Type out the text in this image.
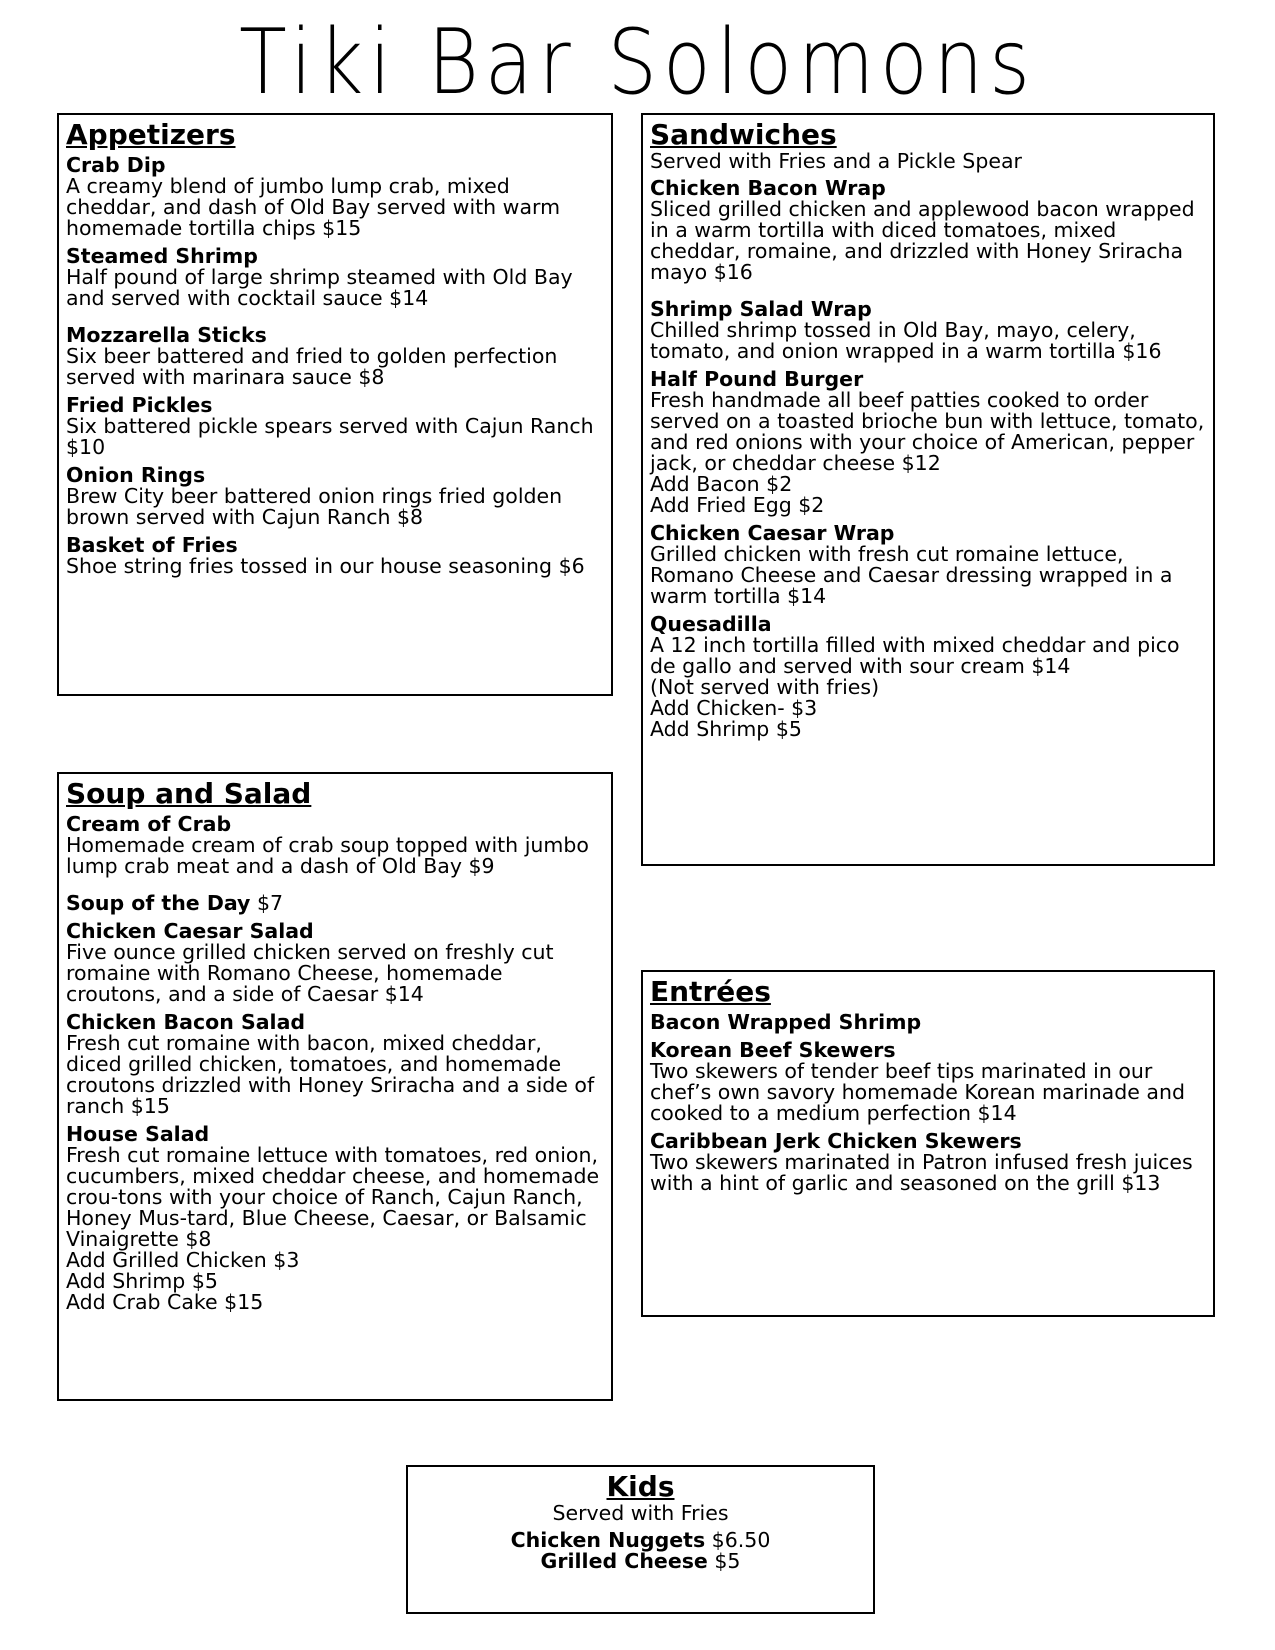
Tiki Bar Solomons
Appetizers
Crab Dip
A creamy blend of jumbo lump crab, mixed cheddar, and dash of Old Bay served with warm homemade tortilla chips $15
Steamed Shrimp
Half pound of large shrimp steamed with Old Bay and served with cocktail sauce $14
Mozzarella Sticks
Six beer battered and fried to golden perfection served with marinara sauce $8
Fried Pickles
Six battered pickle spears served with Cajun Ranch $10
Onion Rings
Brew City beer battered onion rings fried golden brown served with Cajun Ranch $8
Basket of Fries
Shoe string fries tossed in our house seasoning $6
Sandwiches
Served with Fries and a Pickle Spear
Chicken Bacon Wrap
Sliced grilled chicken and applewood bacon wrapped in a warm tortilla with diced tomatoes, mixed cheddar, romaine, and drizzled with Honey Sriracha mayo $16
Shrimp Salad Wrap
Chilled shrimp tossed in Old Bay, mayo, celery, tomato, and onion wrapped in a warm tortilla $16
Half Pound Burger
Fresh handmade all beef patties cooked to order served on a toasted brioche bun with lettuce, tomato, and red onions with your choice of American, pepper jack, or cheddar cheese $12
Add Bacon $2
Add Fried Egg $2
Chicken Caesar Wrap
Grilled chicken with fresh cut romaine lettuce, Romano Cheese and Caesar dressing wrapped in a warm tortilla $14
Quesadilla
A 12 inch tortilla filled with mixed cheddar and pico de gallo and served with sour cream $14
(Not served with fries)
Add Chicken- $3
Add Shrimp $5
Soup and Salad
Cream of Crab
Homemade cream of crab soup topped with jumbo lump crab meat and a dash of Old Bay $9
Soup of the Day $7
Chicken Caesar Salad
Five ounce grilled chicken served on freshly cut romaine with Romano Cheese, homemade croutons, and a side of Caesar $14
Chicken Bacon Salad
Fresh cut romaine with bacon, mixed cheddar, diced grilled chicken, tomatoes, and homemade croutons drizzled with Honey Sriracha and a side of ranch $15
House Salad
Fresh cut romaine lettuce with tomatoes, red onion, cucumbers, mixed cheddar cheese, and homemade crou-tons with your choice of Ranch, Cajun Ranch, Honey Mus-tard, Blue Cheese, Caesar, or Balsamic Vinaigrette $8
Add Grilled Chicken $3
Add Shrimp $5
Add Crab Cake $15
Entrées
Bacon Wrapped Shrimp
Korean Beef Skewers
Two skewers of tender beef tips marinated in our chef’s own savory homemade Korean marinade and cooked to a medium perfection $14
Caribbean Jerk Chicken Skewers
Two skewers marinated in Patron infused fresh juices with a hint of garlic and seasoned on the grill $13
Kids
Served with Fries
Chicken Nuggets $6.50
Grilled Cheese $5
